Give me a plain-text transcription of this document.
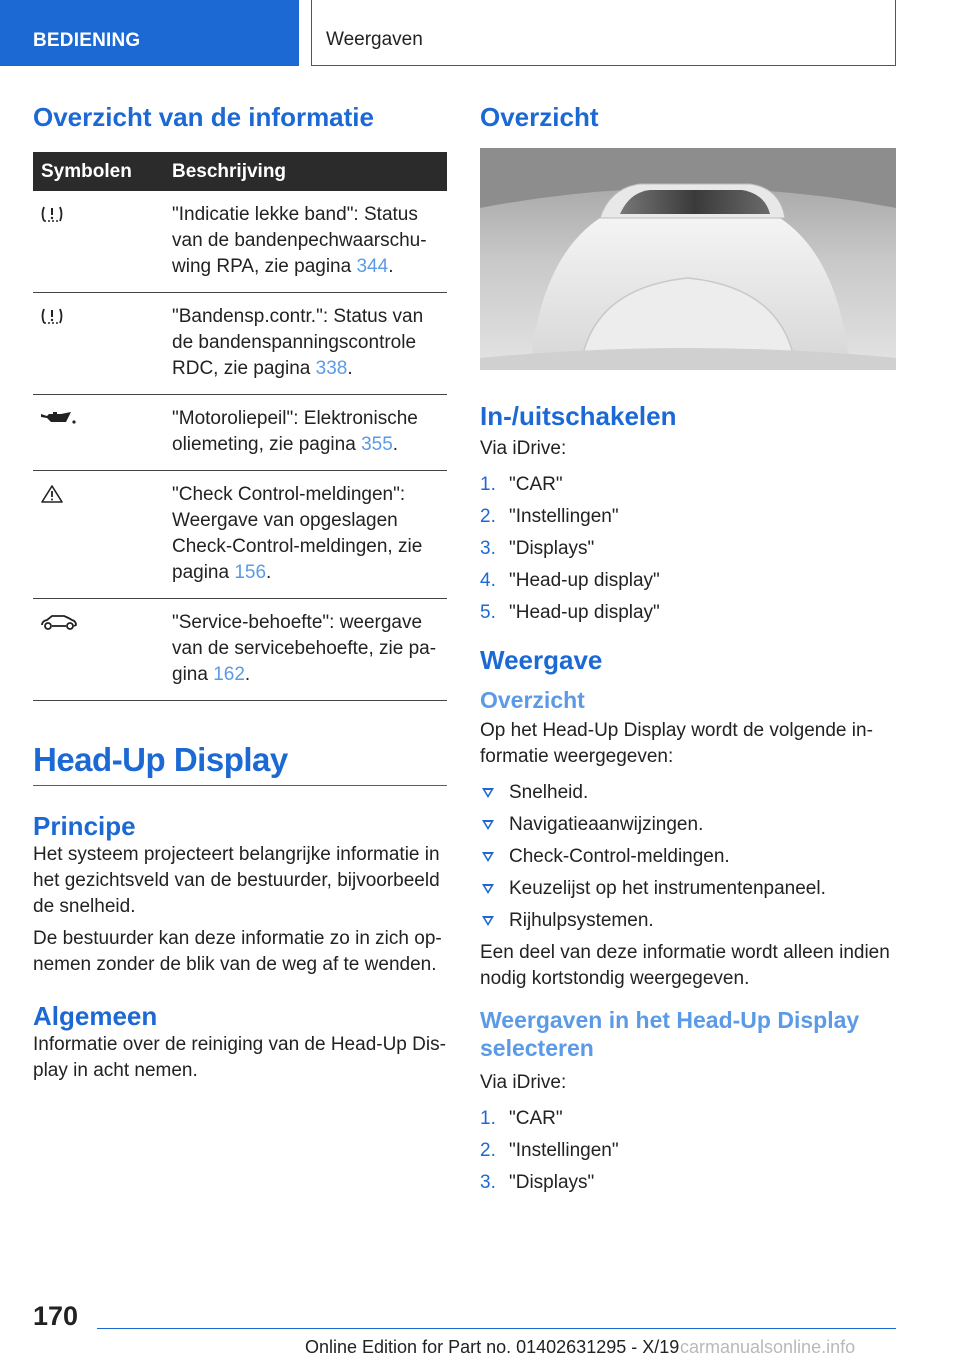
BEDIENING	Weergaven
Overzicht van de informatie
Symbolen	Beschrijving
	"Indicatie lekke band": Status van de bandenpechwaarschuwing RPA, zie pagina 344.
	"Bandensp.contr.": Status van de bandenspanningscontrole RDC, zie pagina 338.
	"Motoroliepeil": Elektronische oliemeting, zie pagina 355.
	"Check Control-meldingen": Weergave van opgeslagen Check-Control-meldingen, zie pagina 156.
	"Service-behoefte": weergave van de servicebehoefte, zie pagina 162.
Head-Up Display
Principe

Het systeem projecteert belangrijke informatie in het gezichtsveld van de bestuurder, bijvoorbeeld de snelheid.

De bestuurder kan deze informatie zo in zich opnemen zonder de blik van de weg af te wenden.

Algemeen

Informatie over de reiniging van de Head-Up Display in acht nemen.

Overzicht
In-/uitschakelen

Via iDrive:

1. "CAR"
2. "Instellingen"
3. "Displays"
4. "Head-up display"
5. "Head-up display"
Weergave
Overzicht

Op het Head-Up Display wordt de volgende informatie weergegeven:

Snelheid.
Navigatieaanwijzingen.
Check-Control-meldingen.
Keuzelijst op het instrumentenpaneel.
Rijhulpsystemen.

Een deel van deze informatie wordt alleen indien nodig kortstondig weergegeven.

Weergaven in het Head-Up Display selecteren

Via iDrive:

1. "CAR"
2. "Instellingen"
3. "Displays"
170
Online Edition for Part no. 01402631295 - X/19 carmanualsonline.info
